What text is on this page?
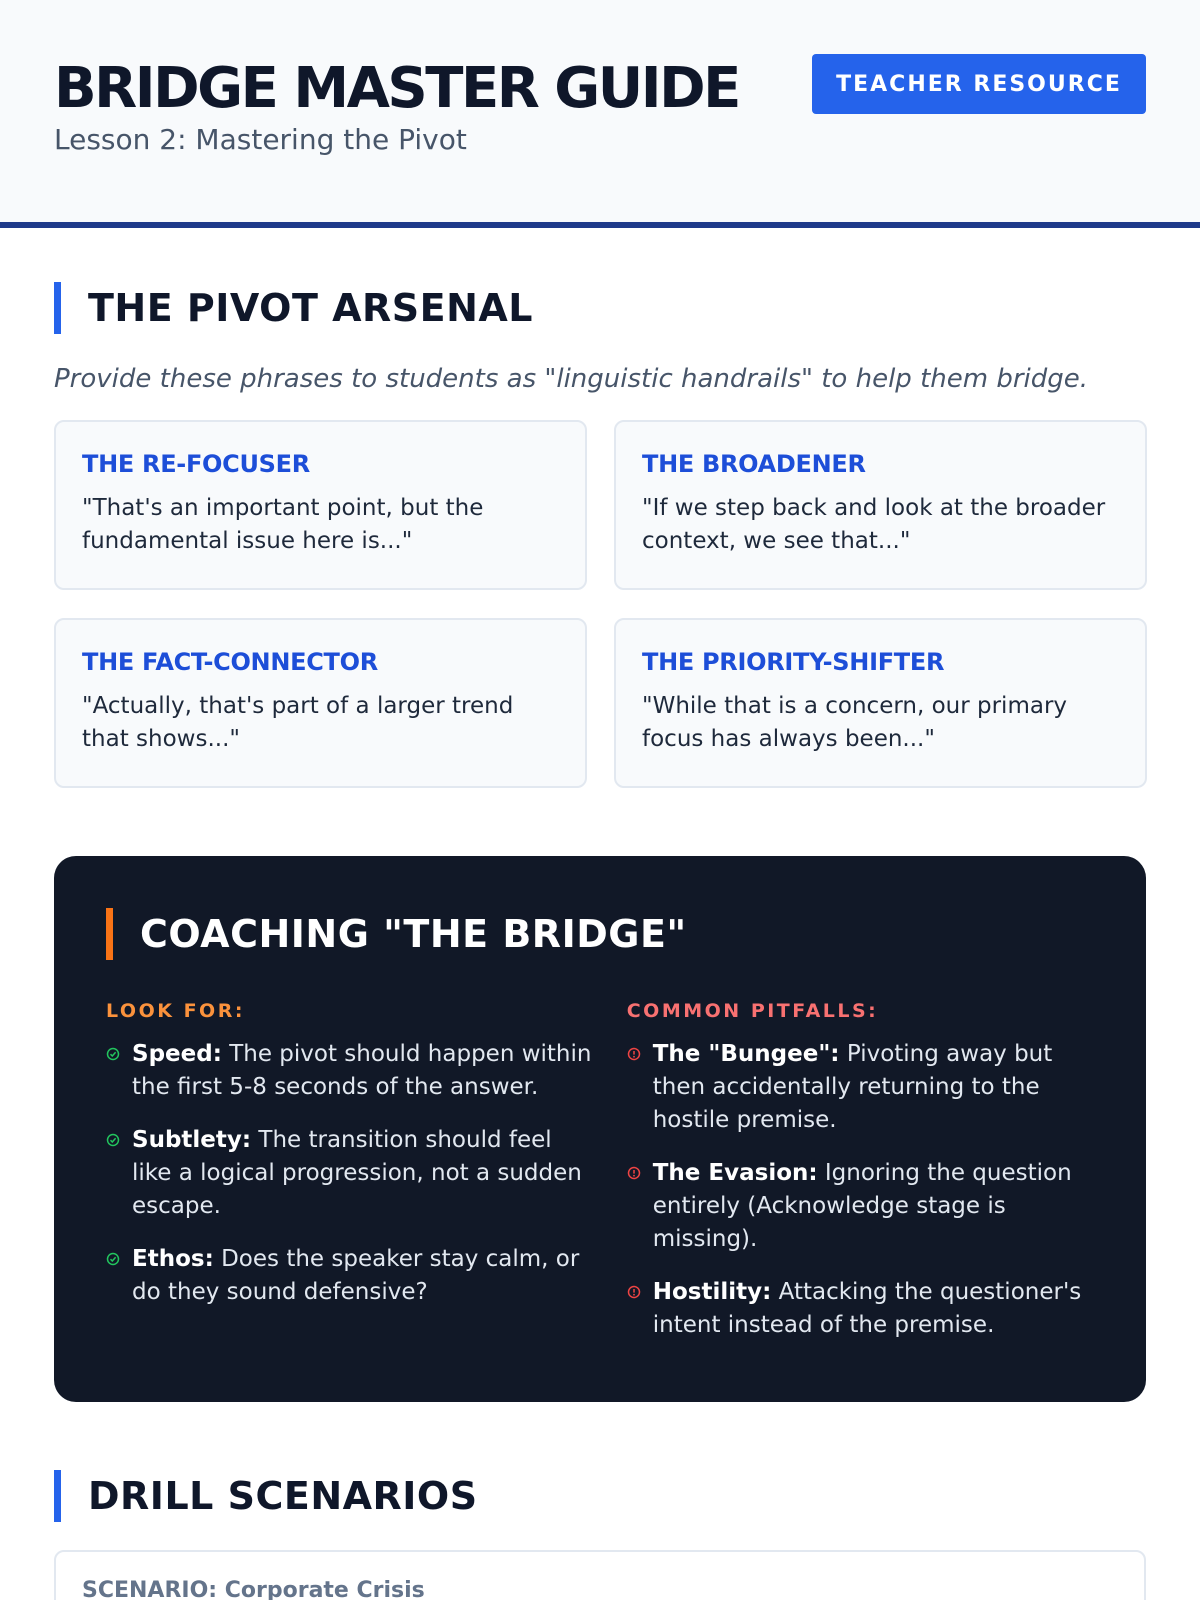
BRIDGE MASTER GUIDE
Lesson 2: Mastering the Pivot
TEACHER RESOURCE
THE PIVOT ARSENAL

Provide these phrases to students as "linguistic handrails" to help them bridge.

THE RE-FOCUSER
"That's an important point, but the fundamental issue here is..."
THE BROADENER
"If we step back and look at the broader context, we see that..."
THE FACT-CONNECTOR
"Actually, that's part of a larger trend that shows..."
THE PRIORITY-SHIFTER
"While that is a concern, our primary focus has always been..."
COACHING "THE BRIDGE"
LOOK FOR:
Speed: The pivot should happen within the first 5-8 seconds of the answer.
Subtlety: The transition should feel like a logical progression, not a sudden escape.
Ethos: Does the speaker stay calm, or do they sound defensive?
COMMON PITFALLS:
The "Bungee": Pivoting away but then accidentally returning to the hostile premise.
The Evasion: Ignoring the question entirely (Acknowledge stage is missing).
Hostility: Attacking the questioner's intent instead of the premise.
DRILL SCENARIOS
SCENARIO: Corporate Crisis
